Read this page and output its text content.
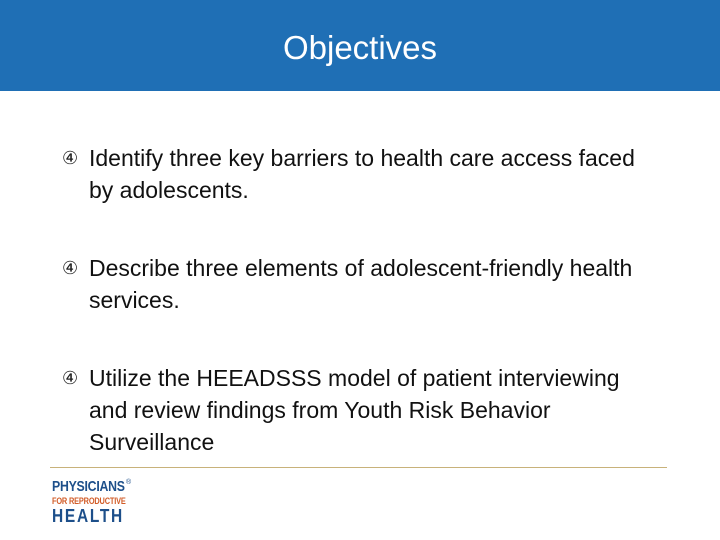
Objectives
④ Identify three key barriers to health care access faced by adolescents.
④ Describe three elements of adolescent-friendly health services.
④ Utilize the HEEADSSS model of patient interviewing and review findings from Youth Risk Behavior Surveillance
PHYSICIANS ®
FOR REPRODUCTIVE
HEALTH
